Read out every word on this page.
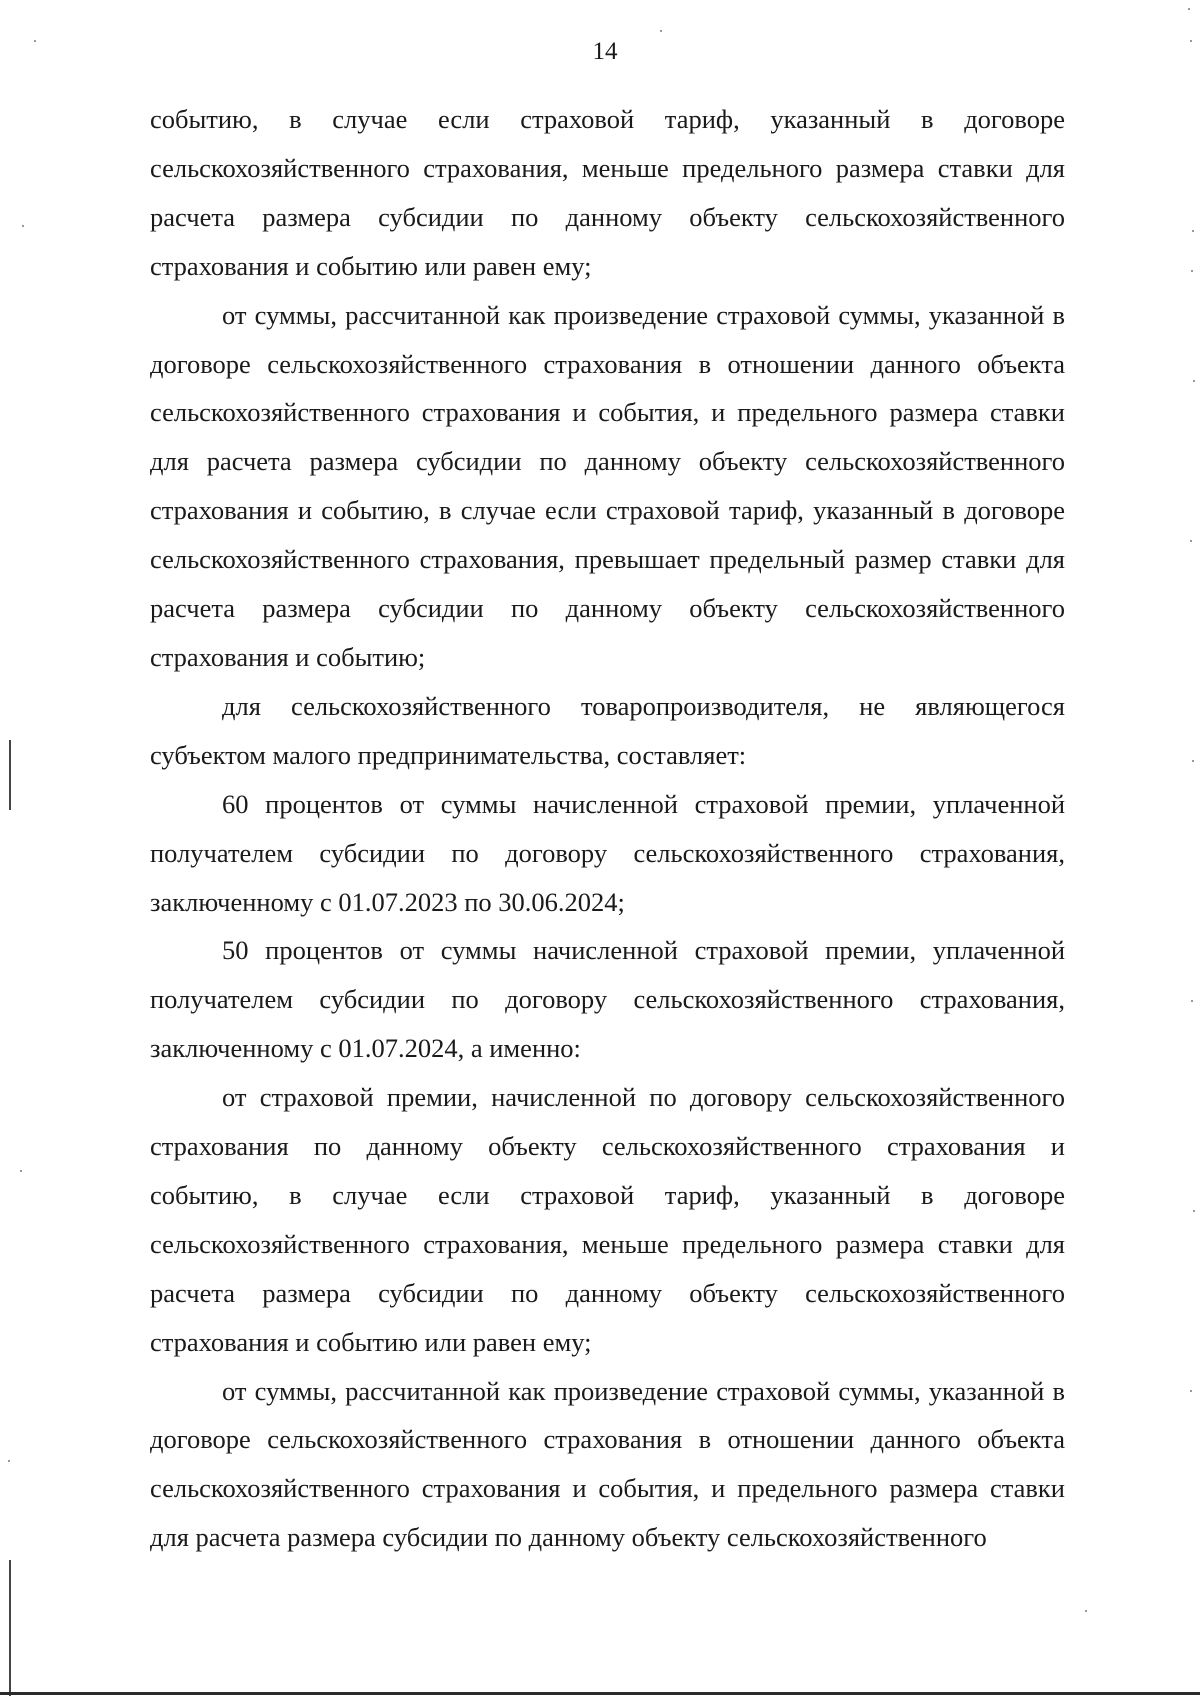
14

событию, в случае если страховой тариф, указанный в договоре сельскохозяйственного страхования, меньше предельного размера ставки для расчета размера субсидии по данному объекту сельскохозяйственного страхования и событию или равен ему;

от суммы, рассчитанной как произведение страховой суммы, указанной в договоре сельскохозяйственного страхования в отношении данного объекта сельскохозяйственного страхования и события, и предельного размера ставки для расчета размера субсидии по данному объекту сельскохозяйственного страхования и событию, в случае если страховой тариф, указанный в договоре сельскохозяйственного страхования, превышает предельный размер ставки для расчета размера субсидии по данному объекту сельскохозяйственного страхования и событию;

для сельскохозяйственного товаропроизводителя, не являющегося субъектом малого предпринимательства, составляет:

60 процентов от суммы начисленной страховой премии, уплаченной получателем субсидии по договору сельскохозяйственного страхования, заключенному с 01.07.2023 по 30.06.2024;

50 процентов от суммы начисленной страховой премии, уплаченной получателем субсидии по договору сельскохозяйственного страхования, заключенному с 01.07.2024, а именно:

от страховой премии, начисленной по договору сельскохозяйственного страхования по данному объекту сельскохозяйственного страхования и событию, в случае если страховой тариф, указанный в договоре сельскохозяйственного страхования, меньше предельного размера ставки для расчета размера субсидии по данному объекту сельскохозяйственного страхования и событию или равен ему;

от суммы, рассчитанной как произведение страховой суммы, указанной в договоре сельскохозяйственного страхования в отношении данного объекта сельскохозяйственного страхования и события, и предельного размера ставки для расчета размера субсидии по данному объекту сельскохозяйственного
